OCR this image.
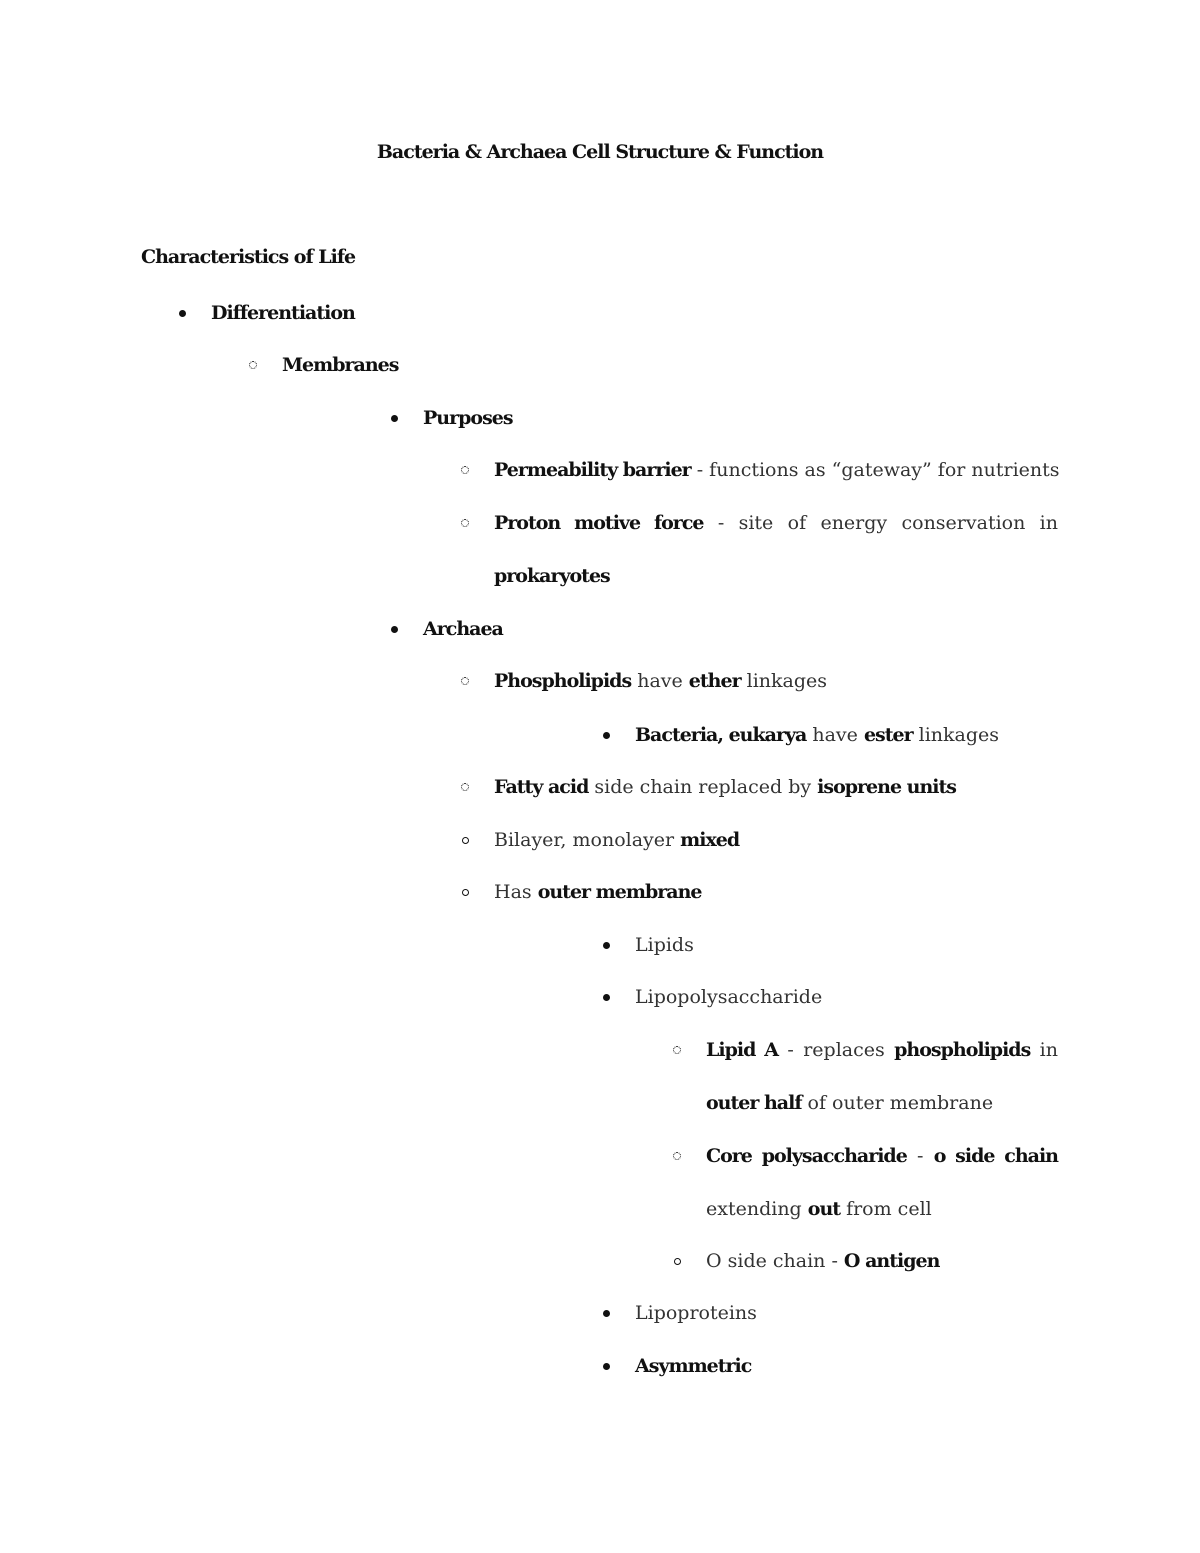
Bacteria & Archaea Cell Structure & Function
Characteristics of Life
Differentiation
Membranes
Purposes
Permeability barrier - functions as “gateway” for nutrients
Proton motive force - site of energy conservation in
prokaryotes
Archaea
Phospholipids have ether linkages
Bacteria, eukarya have ester linkages
Fatty acid side chain replaced by isoprene units
Bilayer, monolayer mixed
Has outer membrane
Lipids
Lipopolysaccharide
Lipid A - replaces phospholipids in
outer half of outer membrane
Core polysaccharide - o side chain
extending out from cell
O side chain - O antigen
Lipoproteins
Asymmetric
